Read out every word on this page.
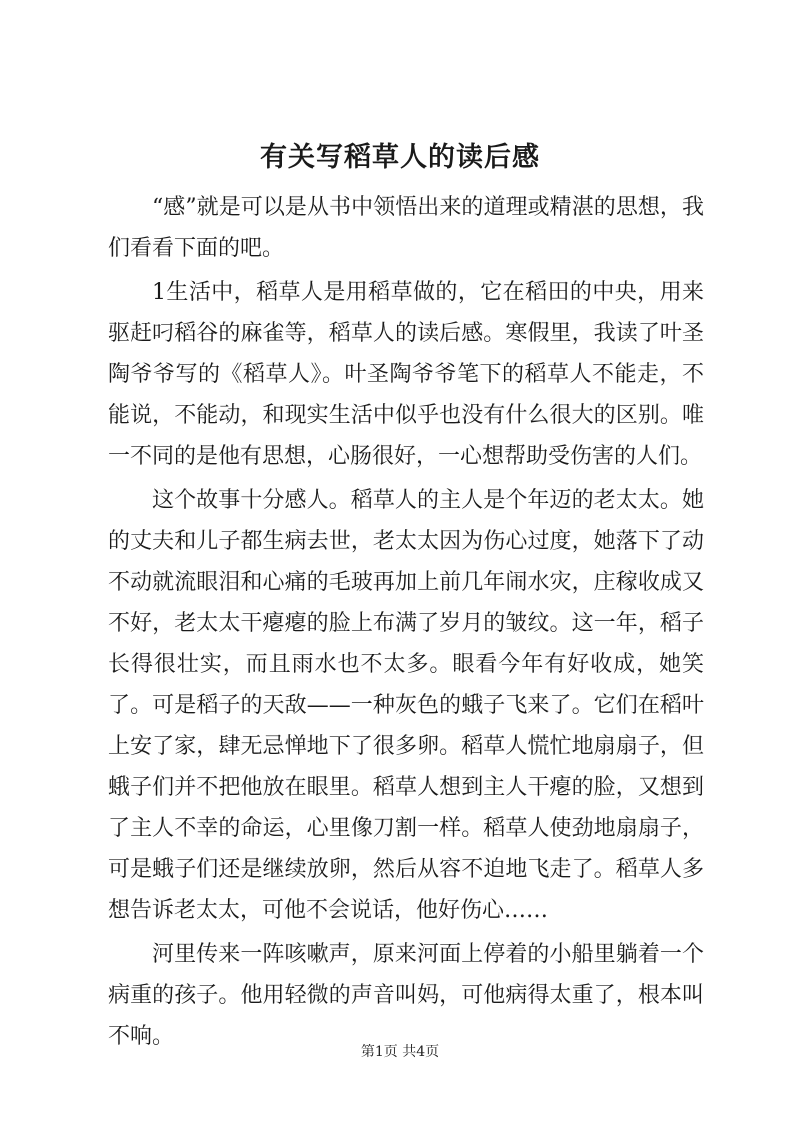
有关写稻草人的读后感

“感”就是可以是从书中领悟出来的道理或精湛的思想，我们看看下面的吧。

1生活中，稻草人是用稻草做的，它在稻田的中央，用来驱赶叼稻谷的麻雀等，稻草人的读后感。寒假里，我读了叶圣陶爷爷写的《稻草人》。叶圣陶爷爷笔下的稻草人不能走，不能说，不能动，和现实生活中似乎也没有什么很大的区别。唯一不同的是他有思想，心肠很好，一心想帮助受伤害的人们。

这个故事十分感人。稻草人的主人是个年迈的老太太。她的丈夫和儿子都生病去世，老太太因为伤心过度，她落下了动不动就流眼泪和心痛的毛玻再加上前几年闹水灾，庄稼收成又不好，老太太干瘪瘪的脸上布满了岁月的皱纹。这一年，稻子长得很壮实，而且雨水也不太多。眼看今年有好收成，她笑了。可是稻子的天敌——一种灰色的蛾子飞来了。它们在稻叶上安了家，肆无忌惮地下了很多卵。稻草人慌忙地扇扇子，但蛾子们并不把他放在眼里。稻草人想到主人干瘪的脸，又想到了主人不幸的命运，心里像刀割一样。稻草人使劲地扇扇子，可是蛾子们还是继续放卵，然后从容不迫地飞走了。稻草人多想告诉老太太，可他不会说话，他好伤心……

河里传来一阵咳嗽声，原来河面上停着的小船里躺着一个病重的孩子。他用轻微的声音叫妈，可他病得太重了，根本叫不响。

第1页 共4页
